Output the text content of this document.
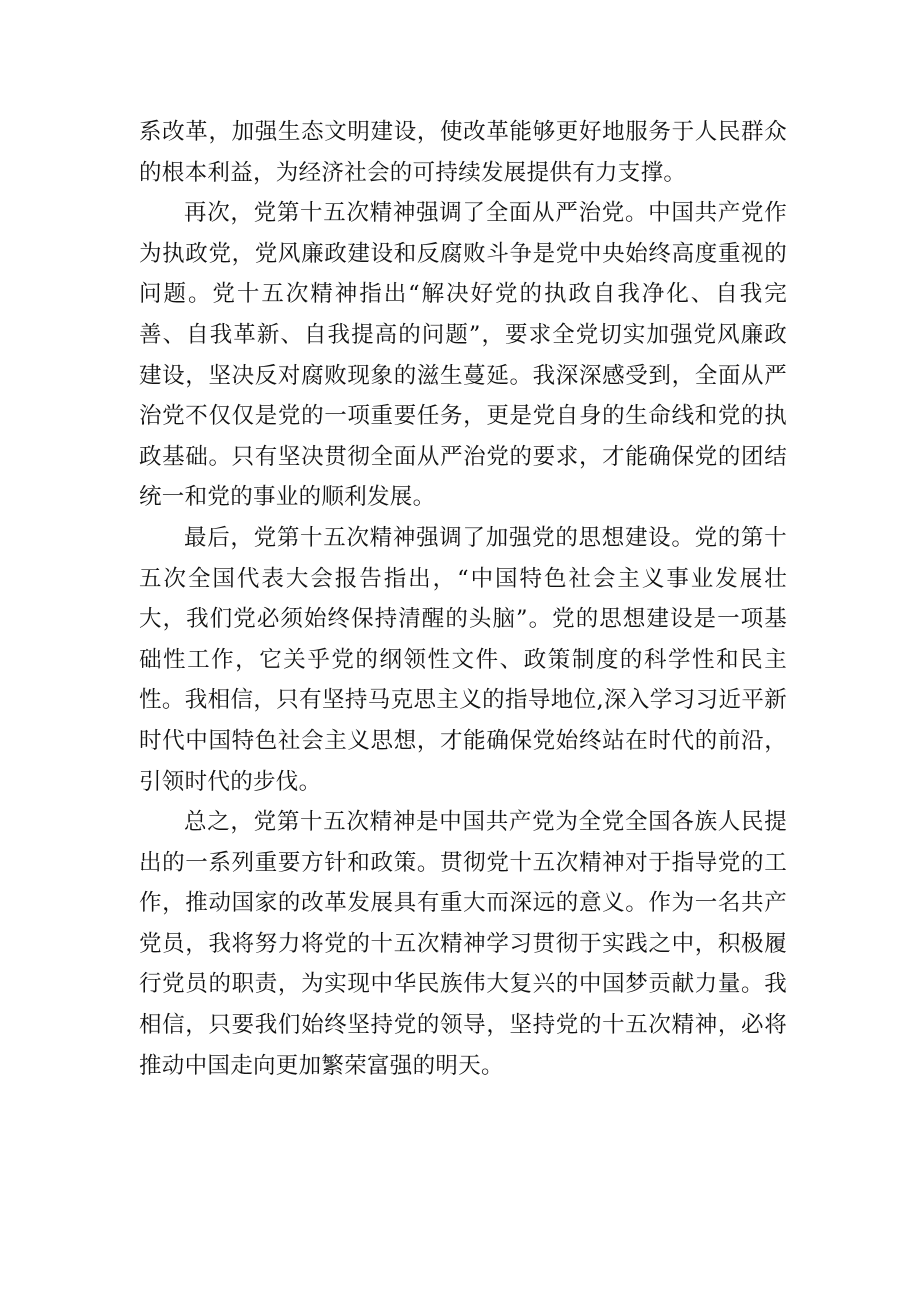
系改革，加强生态文明建设，使改革能够更好地服务于人民群众的根本利益，为经济社会的可持续发展提供有力支撑。

再次，党第十五次精神强调了全面从严治党。中国共产党作为执政党，党风廉政建设和反腐败斗争是党中央始终高度重视的问题。党十五次精神指出“解决好党的执政自我净化、自我完善、自我革新、自我提高的问题”，要求全党切实加强党风廉政建设，坚决反对腐败现象的滋生蔓延。我深深感受到，全面从严治党不仅仅是党的一项重要任务，更是党自身的生命线和党的执政基础。只有坚决贯彻全面从严治党的要求，才能确保党的团结统一和党的事业的顺利发展。

最后，党第十五次精神强调了加强党的思想建设。党的第十五次全国代表大会报告指出，“中国特色社会主义事业发展壮大，我们党必须始终保持清醒的头脑”。党的思想建设是一项基础性工作，它关乎党的纲领性文件、政策制度的科学性和民主性。我相信，只有坚持马克思主义的指导地位,深入学习习近平新时代中国特色社会主义思想，才能确保党始终站在时代的前沿，引领时代的步伐。

总之，党第十五次精神是中国共产党为全党全国各族人民提出的一系列重要方针和政策。贯彻党十五次精神对于指导党的工作，推动国家的改革发展具有重大而深远的意义。作为一名共产党员，我将努力将党的十五次精神学习贯彻于实践之中，积极履行党员的职责，为实现中华民族伟大复兴的中国梦贡献力量。我相信，只要我们始终坚持党的领导，坚持党的十五次精神，必将推动中国走向更加繁荣富强的明天。
